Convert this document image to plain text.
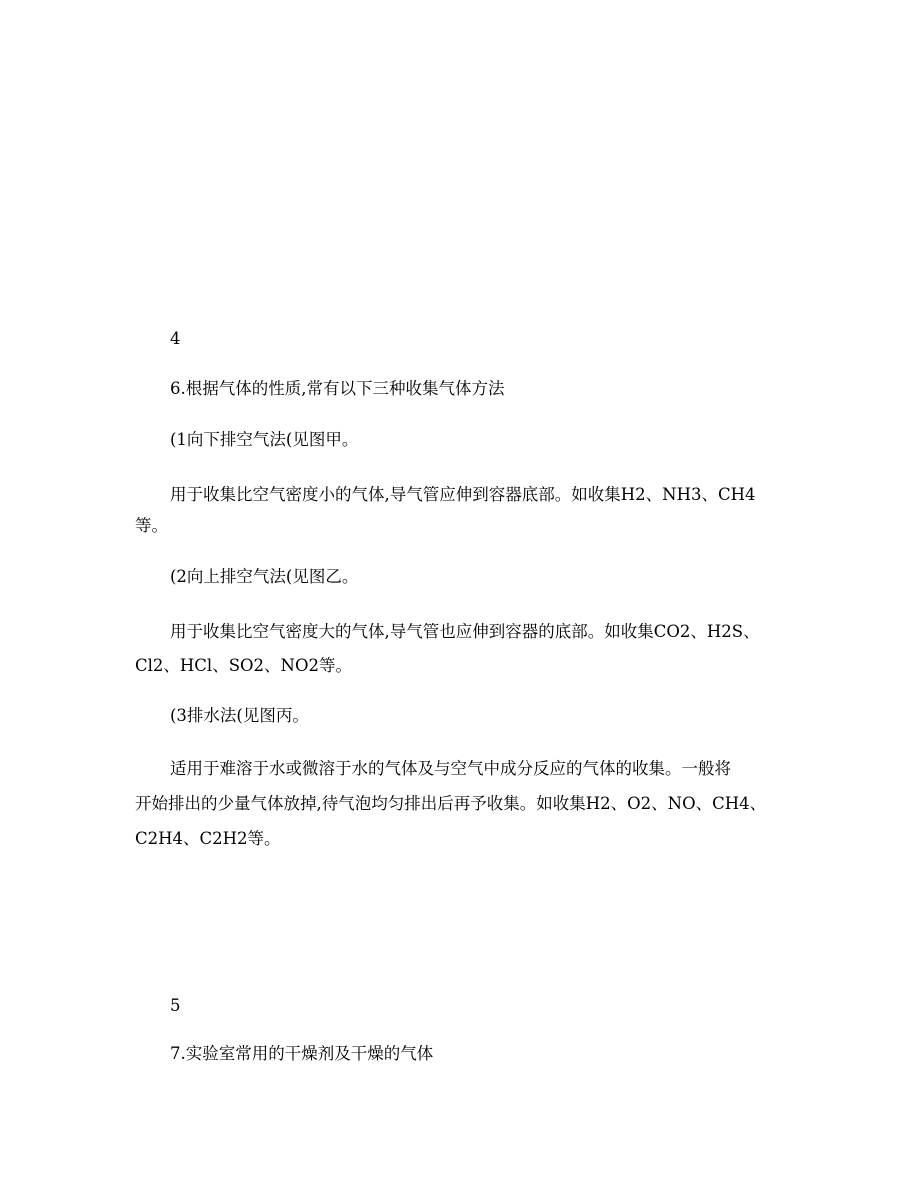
4

6.根据气体的性质,常有以下三种收集气体方法

(1向下排空气法(见图甲。

用于收集比空气密度小的气体,导气管应伸到容器底部。如收集H2、NH3、CH4

等。

(2向上排空气法(见图乙。

用于收集比空气密度大的气体,导气管也应伸到容器的底部。如收集CO2、H2S、

Cl2、HCl、SO2、NO2等。

(3排水法(见图丙。

适用于难溶于水或微溶于水的气体及与空气中成分反应的气体的收集。一般将

开始排出的少量气体放掉,待气泡均匀排出后再予收集。如收集H2、O2、NO、CH4、

C2H4、C2H2等。

5

7.实验室常用的干燥剂及干燥的气体
